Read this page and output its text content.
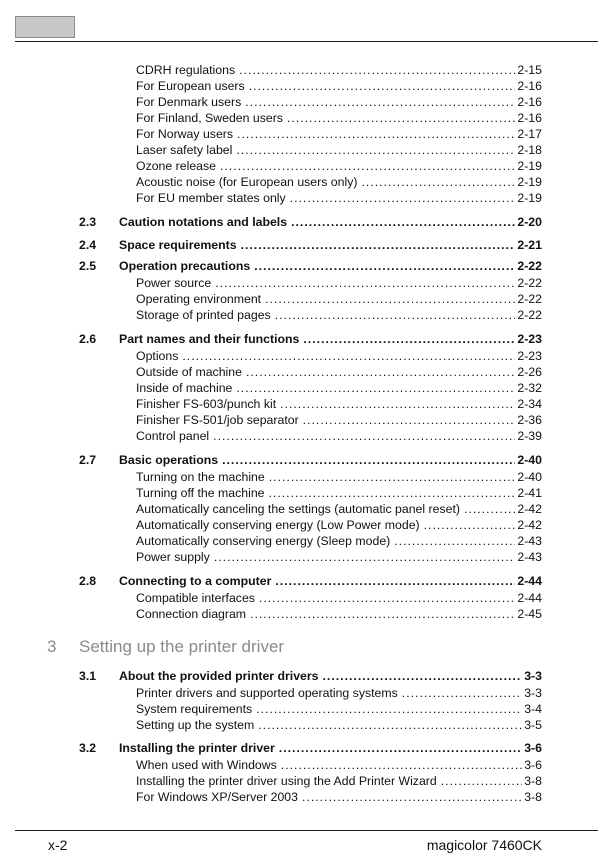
CDRH regulations .....	2-15
For European users .....	2-16
For Denmark users .....	2-16
For Finland, Sweden users .....	2-16
For Norway users .....	2-17
Laser safety label .....	2-18
Ozone release .....	2-19
Acoustic noise (for European users only) .....	2-19
For EU member states only .....	2-19
2.3 Caution notations and labels .....	2-20
2.4 Space requirements .....	2-21
2.5 Operation precautions .....	2-22
Power source .....	2-22
Operating environment .....	2-22
Storage of printed pages .....	2-22
2.6 Part names and their functions .....	2-23
Options .....	2-23
Outside of machine .....	2-26
Inside of machine .....	2-32
Finisher FS-603/punch kit .....	2-34
Finisher FS-501/job separator .....	2-36
Control panel .....	2-39
2.7 Basic operations .....	2-40
Turning on the machine .....	2-40
Turning off the machine .....	2-41
Automatically canceling the settings (automatic panel reset) .....	2-42
Automatically conserving energy (Low Power mode) .....	2-42
Automatically conserving energy (Sleep mode) .....	2-43
Power supply .....	2-43
2.8 Connecting to a computer .....	2-44
Compatible interfaces .....	2-44
Connection diagram .....	2-45
3.1 About the provided printer drivers .....	3-3
Printer drivers and supported operating systems .....	3-3
System requirements .....	3-4
Setting up the system .....	3-5
3.2 Installing the printer driver .....	3-6
When used with Windows .....	3-6
Installing the printer driver using the Add Printer Wizard .....	3-8
For Windows XP/Server 2003 .....	3-8
3 Setting up the printer driver
x-2	magicolor 7460CK
